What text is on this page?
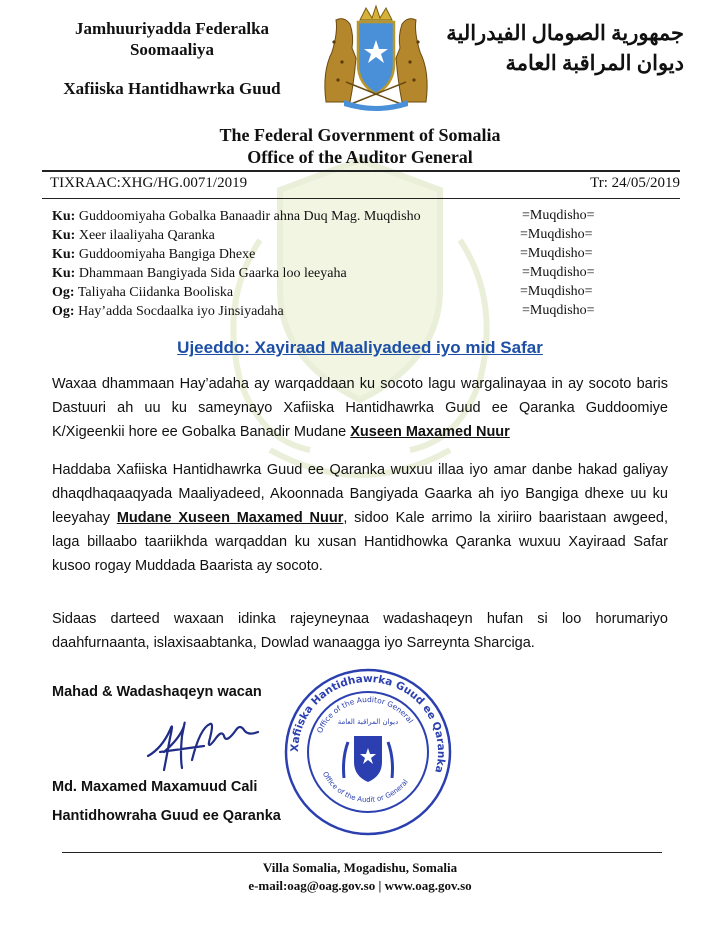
Jamhuuriyadda Federalka
Soomaaliya
Xafiiska Hantidhawrka Guud
جمهورية الصومال الفيدرالية
ديوان المراقبة العامة
The Federal Government of Somalia
Office of the Auditor General
TIXRAAC:XHG/HG.0071/2019	Tr: 24/05/2019
Ku: Guddoomiyaha Gobalka Banaadir ahna Duq Mag. Muqdisho	=Muqdisho=
Ku: Xeer ilaaliyaha Qaranka	=Muqdisho=
Ku: Guddoomiyaha Bangiga Dhexe	=Muqdisho=
Ku: Dhammaan Bangiyada Sida Gaarka loo leeyaha	=Muqdisho=
Og: Taliyaha Ciidanka Booliska	=Muqdisho=
Og: Hay’adda Socdaalka iyo Jinsiyadaha	=Muqdisho=
Ujeeddo: Xayiraad Maaliyadeed iyo mid Safar
Waxaa dhammaan Hay’adaha ay warqaddaan ku socoto lagu wargalinayaa in ay socoto baris Dastuuri ah uu ku sameynayo Xafiiska Hantidhawrka Guud ee Qaranka Guddoomiye K/Xigeenkii hore ee Gobalka Banadir Mudane Xuseen Maxamed Nuur
Haddaba Xafiiska Hantidhawrka Guud ee Qaranka wuxuu illaa iyo amar danbe hakad galiyay dhaqdhaqaaqyada Maaliyadeed, Akoonnada Bangiyada Gaarka ah iyo Bangiga dhexe uu ku leeyahay Mudane Xuseen Maxamed Nuur, sidoo Kale arrimo la xiriiro baaristaan awgeed, laga billaabo taariikhda warqaddan ku xusan Hantidhowka Qaranka wuxuu Xayiraad Safar kusoo rogay Muddada Baarista ay socoto.
Sidaas darteed waxaan idinka rajeyneynaa wadashaqeyn hufan si loo horumariyo daahfurnaanta, islaxisaabtanka, Dowlad wanaagga iyo Sarreynta Sharciga.
Mahad & Wadashaqeyn wacan
Md. Maxamed Maxamuud Cali
Hantidhowraha Guud ee Qaranka
Xafiiska Hantidhawrka Guud ee Qaranka
Office of the Auditor General
Office of the Audit or General
ديوان المراقبة العامة
Villa Somalia, Mogadishu, Somalia
e-mail:oag@oag.gov.so | www.oag.gov.so
